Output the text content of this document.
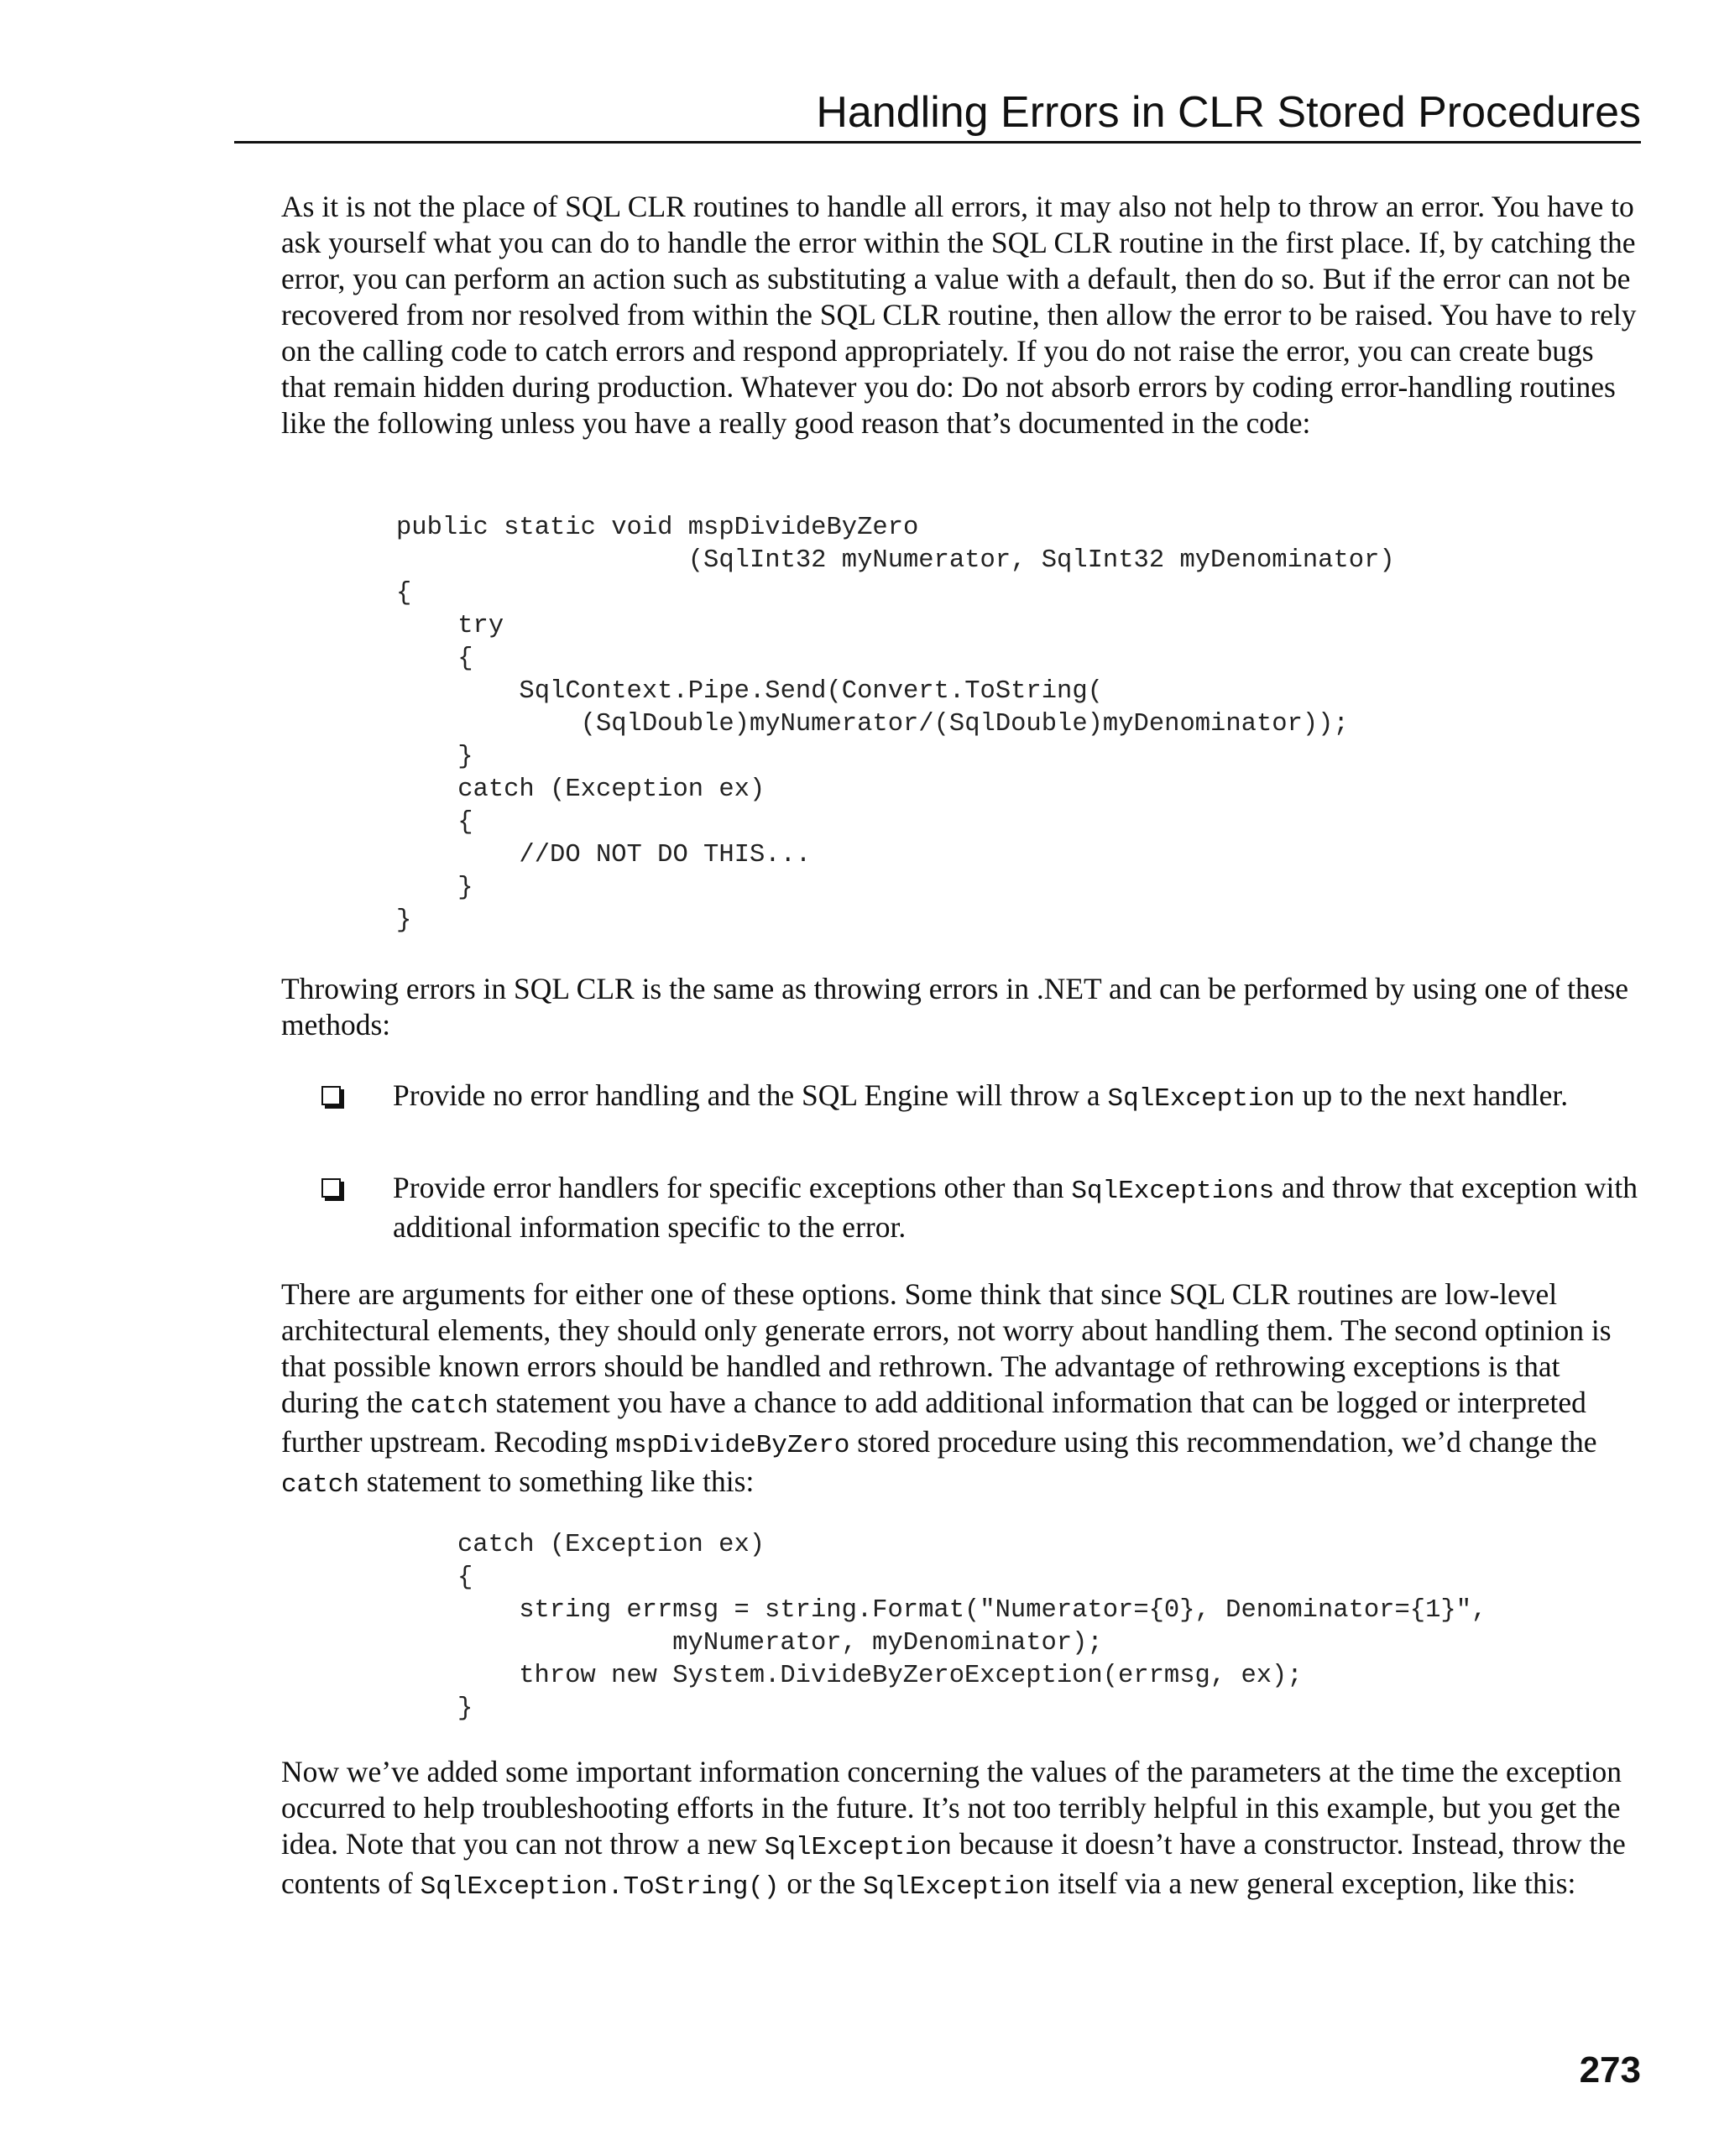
Handling Errors in CLR Stored Procedures

As it is not the place of SQL CLR routines to handle all errors, it may also not help to throw an error. You have to ask yourself what you can do to handle the error within the SQL CLR routine in the first place. If, by catching the error, you can perform an action such as substituting a value with a default, then do so. But if the error can not be recovered from nor resolved from within the SQL CLR routine, then allow the error to be raised. You have to rely on the calling code to catch errors and respond appropriately. If you do not raise the error, you can create bugs that remain hidden during production. Whatever you do: Do not absorb errors by coding error-handling routines like the following unless you have a really good reason that’s documented in the code:

public static void mspDivideByZero
(SqlInt32 myNumerator, SqlInt32 myDenominator)
{
try
{
SqlContext.Pipe.Send(Convert.ToString(
(SqlDouble)myNumerator/(SqlDouble)myDenominator));
}
catch (Exception ex)
{
//DO NOT DO THIS...
}
}

Throwing errors in SQL CLR is the same as throwing errors in .NET and can be performed by using one of these methods:

Provide no error handling and the SQL Engine will throw a SqlException up to the next handler.

Provide error handlers for specific exceptions other than SqlExceptions and throw that exception with additional information specific to the error.

There are arguments for either one of these options. Some think that since SQL CLR routines are low-level architectural elements, they should only generate errors, not worry about handling them. The second optinion is that possible known errors should be handled and rethrown. The advantage of rethrowing exceptions is that during the catch statement you have a chance to add additional information that can be logged or interpreted further upstream. Recoding mspDivideByZero stored procedure using this recommendation, we’d change the catch statement to something like this:

catch (Exception ex)
{
string errmsg = string.Format("Numerator={0}, Denominator={1}",
myNumerator, myDenominator);
throw new System.DivideByZeroException(errmsg, ex);
}

Now we’ve added some important information concerning the values of the parameters at the time the exception occurred to help troubleshooting efforts in the future. It’s not too terribly helpful in this example, but you get the idea. Note that you can not throw a new SqlException because it doesn’t have a constructor. Instead, throw the contents of SqlException.ToString() or the SqlException itself via a new general exception, like this:

273
